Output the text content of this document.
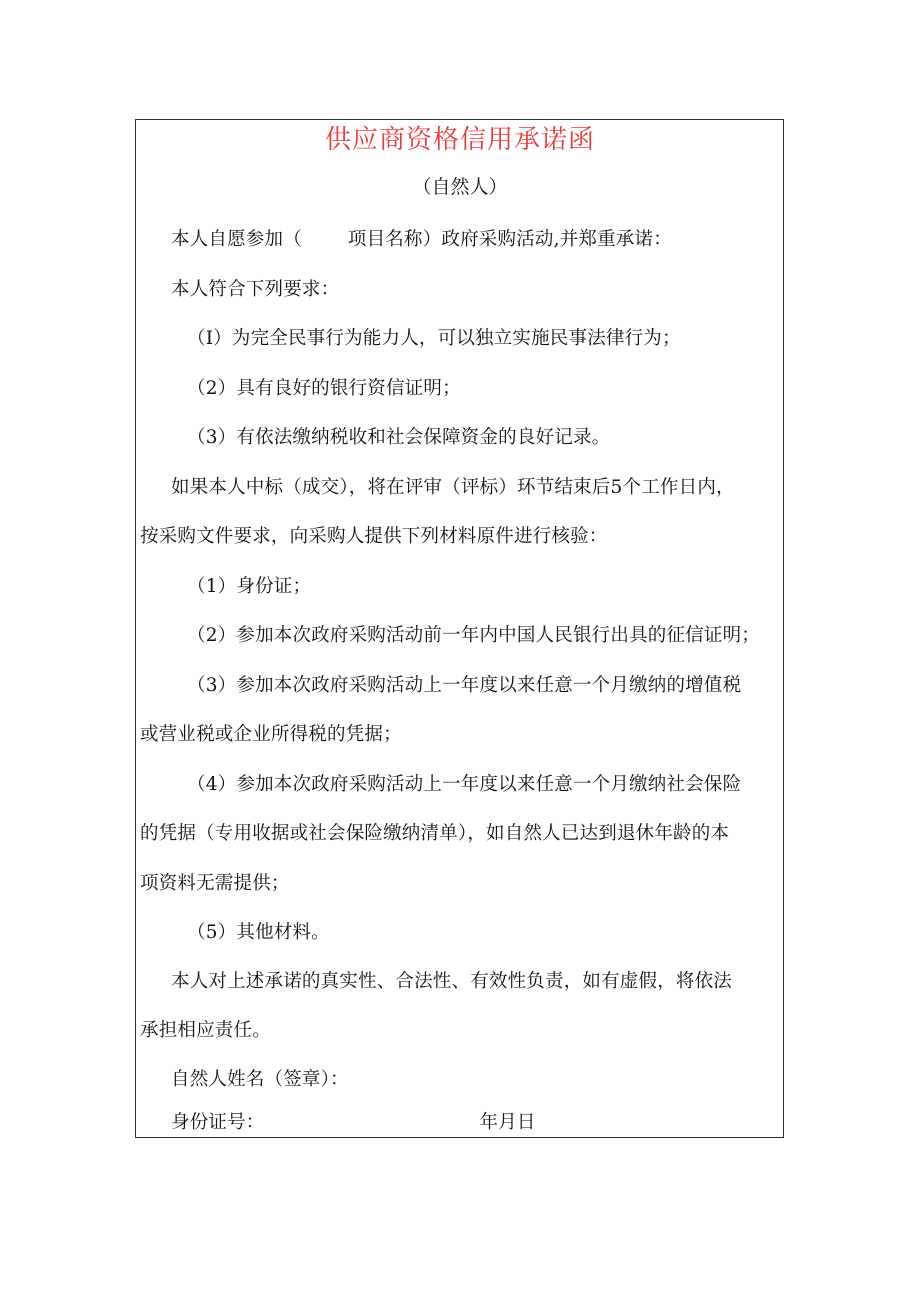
供应商资格信用承诺函
（自然人）
本人自愿参加（ 项目名称）政府采购活动,并郑重承诺：
本人符合下列要求：
（I）为完全民事行为能力人，可以独立实施民事法律行为；
（2）具有良好的银行资信证明；
（3）有依法缴纳税收和社会保障资金的良好记录。
如果本人中标（成交），将在评审（评标）环节结束后5个工作日内，
按采购文件要求，向采购人提供下列材料原件进行核验：
（1）身份证；
（2）参加本次政府采购活动前一年内中国人民银行出具的征信证明；
（3）参加本次政府采购活动上一年度以来任意一个月缴纳的增值税
或营业税或企业所得税的凭据；
（4）参加本次政府采购活动上一年度以来任意一个月缴纳社会保险
的凭据（专用收据或社会保险缴纳清单），如自然人已达到退休年龄的本
项资料无需提供；
（5）其他材料。
本人对上述承诺的真实性、合法性、有效性负责，如有虚假，将依法
承担相应责任。
自然人姓名（签章）：
身份证号：	年月日
